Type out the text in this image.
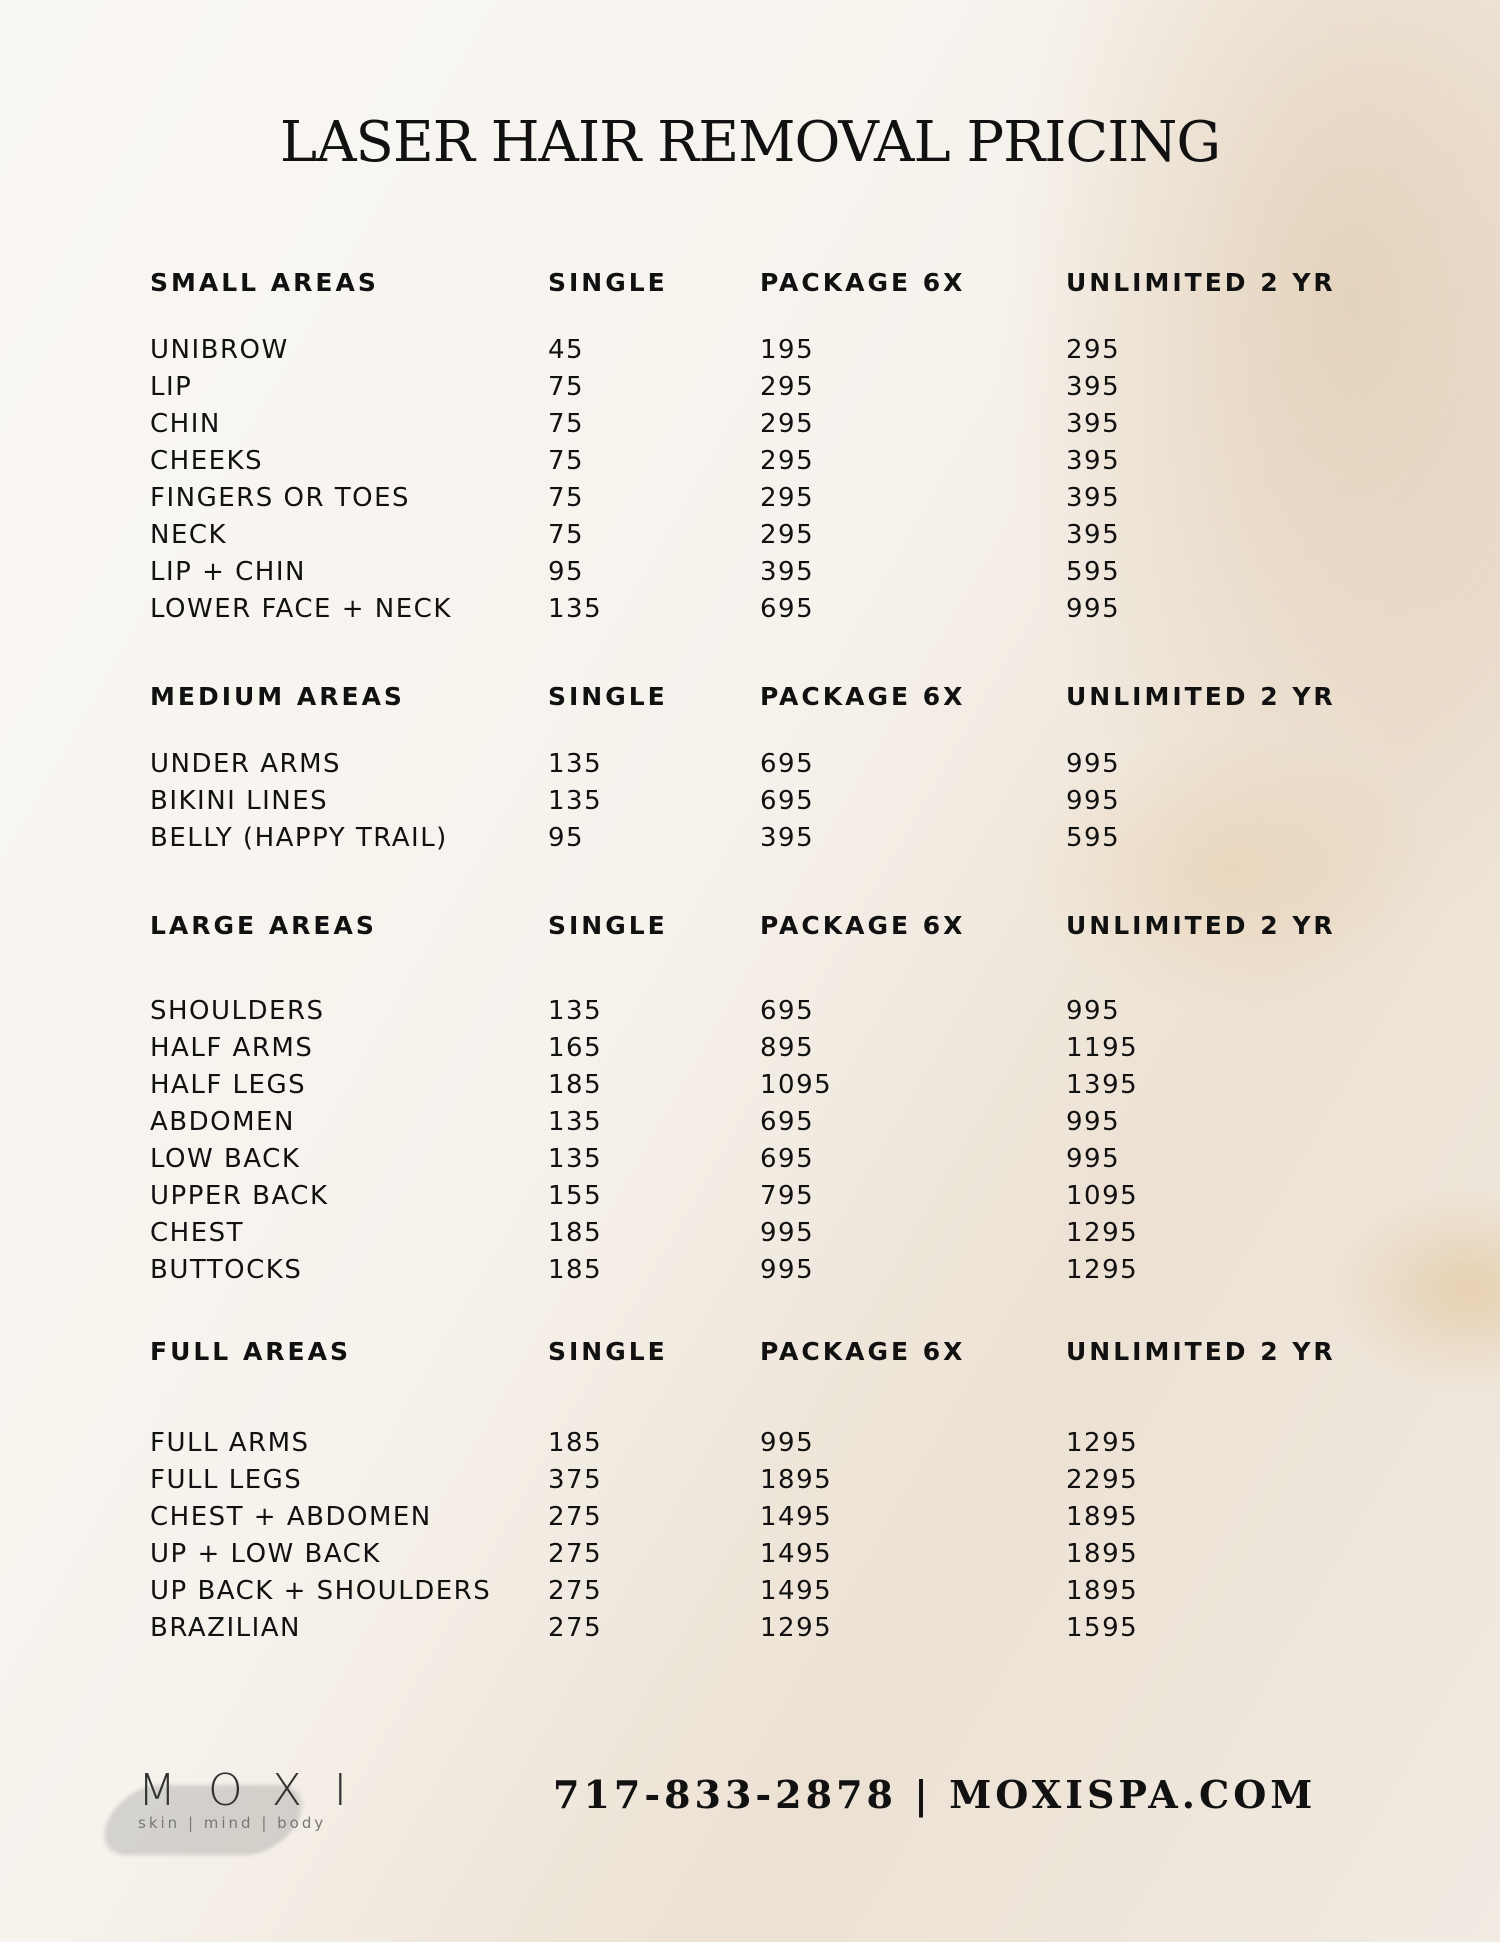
LASER HAIR REMOVAL PRICING
SMALL AREAS	SINGLE	PACKAGE 6X	UNLIMITED 2 YR
UNIBROW	45	195	295
LIP	75	295	395
CHIN	75	295	395
CHEEKS	75	295	395
FINGERS OR TOES	75	295	395
NECK	75	295	395
LIP + CHIN	95	395	595
LOWER FACE + NECK	135	695	995
MEDIUM AREAS	SINGLE	PACKAGE 6X	UNLIMITED 2 YR
UNDER ARMS	135	695	995
BIKINI LINES	135	695	995
BELLY (HAPPY TRAIL)	95	395	595
LARGE AREAS	SINGLE	PACKAGE 6X	UNLIMITED 2 YR
SHOULDERS	135	695	995
HALF ARMS	165	895	1195
HALF LEGS	185	1095	1395
ABDOMEN	135	695	995
LOW BACK	135	695	995
UPPER BACK	155	795	1095
CHEST	185	995	1295
BUTTOCKS	185	995	1295
FULL AREAS	SINGLE	PACKAGE 6X	UNLIMITED 2 YR
FULL ARMS	185	995	1295
FULL LEGS	375	1895	2295
CHEST + ABDOMEN	275	1495	1895
UP + LOW BACK	275	1495	1895
UP BACK + SHOULDERS 275	1495	1895
BRAZILIAN	275	1295	1595
MOXI
skin | mind | body
717-833-2878 | MOXISPA.COM
